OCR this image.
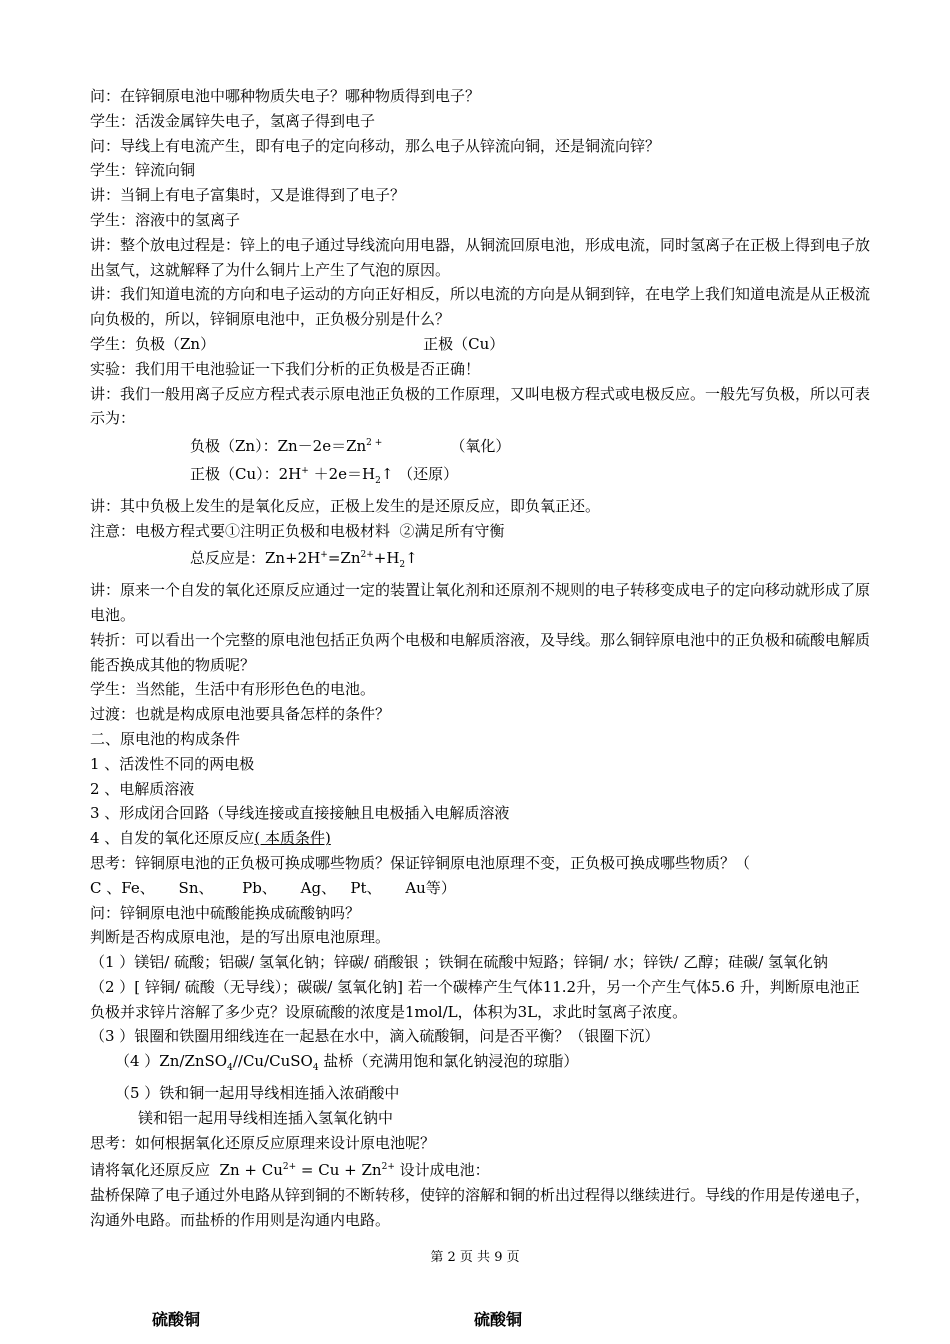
问：在锌铜原电池中哪种物质失电子？哪种物质得到电子？
学生：活泼金属锌失电子，氢离子得到电子
问：导线上有电流产生，即有电子的定向移动，那么电子从锌流向铜，还是铜流向锌？
学生：锌流向铜
讲：当铜上有电子富集时，又是谁得到了电子？
学生：溶液中的氢离子
讲：整个放电过程是：锌上的电子通过导线流向用电器，从铜流回原电池，形成电流，同时氢离子在正极上得到电子放出氢气，这就解释了为什么铜片上产生了气泡的原因。
讲：我们知道电流的方向和电子运动的方向正好相反，所以电流的方向是从铜到锌，在电学上我们知道电流是从正极流向负极的，所以，锌铜原电池中，正负极分别是什么？
学生：负极（Zn）	正极（Cu）
实验：我们用干电池验证一下我们分析的正负极是否正确！
讲：我们一般用离子反应方程式表示原电池正负极的工作原理，又叫电极方程式或电极反应。一般先写负极，所以可表示为：
负极（Zn）：$Zn-2e=Zn^{2 +}$	（氧化）
正极（Cu）：$2H^+ +2e=H_2↑$ （还原）
讲：其中负极上发生的是氧化反应，正极上发生的是还原反应，即负氧正还。
注意：电极方程式要①注明正负极和电极材料  ②满足所有守衡
总反应是：$Zn+2H^+=Zn^{2+}+H_2↑$
讲：原来一个自发的氧化还原反应通过一定的装置让氧化剂和还原剂不规则的电子转移变成电子的定向移动就形成了原电池。
转折：可以看出一个完整的原电池包括正负两个电极和电解质溶液，及导线。那么铜锌原电池中的正负极和硫酸电解质能否换成其他的物质呢？
学生：当然能，生活中有形形色色的电池。
过渡：也就是构成原电池要具备怎样的条件？
二、原电池的构成条件
1 、活泼性不同的两电极
2 、电解质溶液
3 、形成闭合回路（导线连接或直接接触且电极插入电解质溶液
4 、自发的氧化还原反应( 本质条件)
思考：锌铜原电池的正负极可换成哪些物质？保证锌铜原电池原理不变，正负极可换成哪些物质？（
C 、Fe、     Sn、      Pb、     Ag、   Pt、     Au等）
问：锌铜原电池中硫酸能换成硫酸钠吗？
判断是否构成原电池，是的写出原电池原理。
（1 ）镁铝/ 硫酸；铝碳/ 氢氧化钠；锌碳/ 硝酸银 ；铁铜在硫酸中短路；锌铜/ 水；锌铁/ 乙醇；硅碳/ 氢氧化钠
（2 ）[ 锌铜/ 硫酸（无导线）；碳碳/ 氢氧化钠] 若一个碳棒产生气体11.2升，另一个产生气体5.6 升，判断原电池正负极并求锌片溶解了多少克？设原硫酸的浓度是1mol/L，体积为3L，求此时氢离子浓度。
（3 ）银圈和铁圈用细线连在一起悬在水中，滴入硫酸铜，问是否平衡？（银圈下沉）
（4 ）Zn/ZnSO$_4$//Cu/CuSO$_4$ 盐桥（充满用饱和氯化钠浸泡的琼脂）
（5 ）铁和铜一起用导线相连插入浓硝酸中
镁和铝一起用导线相连插入氢氧化钠中
思考：如何根据氧化还原反应原理来设计原电池呢？
请将氧化还原反应  $Zn + Cu^{2+} = Cu + Zn^{2+}$ 设计成电池：
盐桥保障了电子通过外电路从锌到铜的不断转移，使锌的溶解和铜的析出过程得以继续进行。导线的作用是传递电子，沟通外电路。而盐桥的作用则是沟通内电路。
第 2 页 共 9 页
硫酸铜	硫酸铜
